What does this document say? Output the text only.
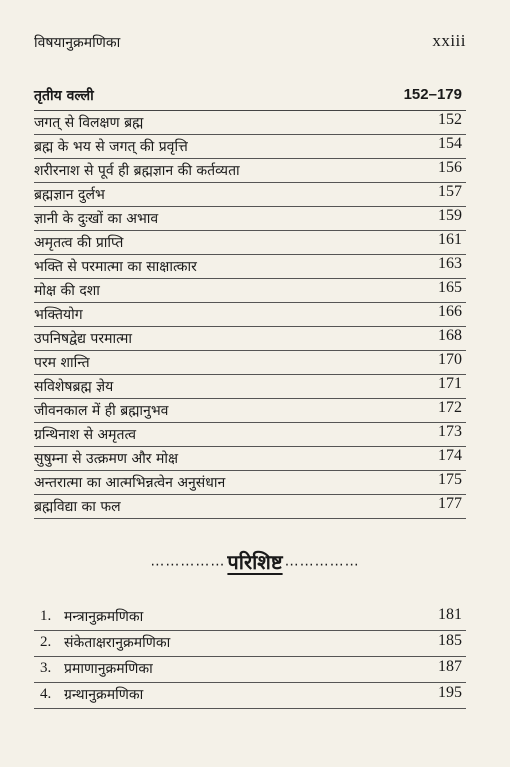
विषयानुक्रमणिका	xxiii
तृतीय वल्ली	152–179
जगत् से विलक्षण ब्रह्म	152
ब्रह्म के भय से जगत् की प्रवृत्ति	154
शरीरनाश से पूर्व ही ब्रह्मज्ञान की कर्तव्यता	156
ब्रह्मज्ञान दुर्लभ	157
ज्ञानी के दुःखों का अभाव	159
अमृतत्व की प्राप्ति	161
भक्ति से परमात्मा का साक्षात्कार	163
मोक्ष की दशा	165
भक्तियोग	166
उपनिषद्वेद्य परमात्मा	168
परम शान्ति	170
सविशेषब्रह्म ज्ञेय	171
जीवनकाल में ही ब्रह्मानुभव	172
ग्रन्थिनाश से अमृतत्व	173
सुषुम्ना से उत्क्रमण और मोक्ष	174
अन्तरात्मा का आत्मभिन्नत्वेन अनुसंधान	175
ब्रह्मविद्या का फल	177
…………… परिशिष्ट ……………
1. मन्त्रानुक्रमणिका	181
2. संकेताक्षरानुक्रमणिका	185
3. प्रमाणानुक्रमणिका	187
4. ग्रन्थानुक्रमणिका	195
